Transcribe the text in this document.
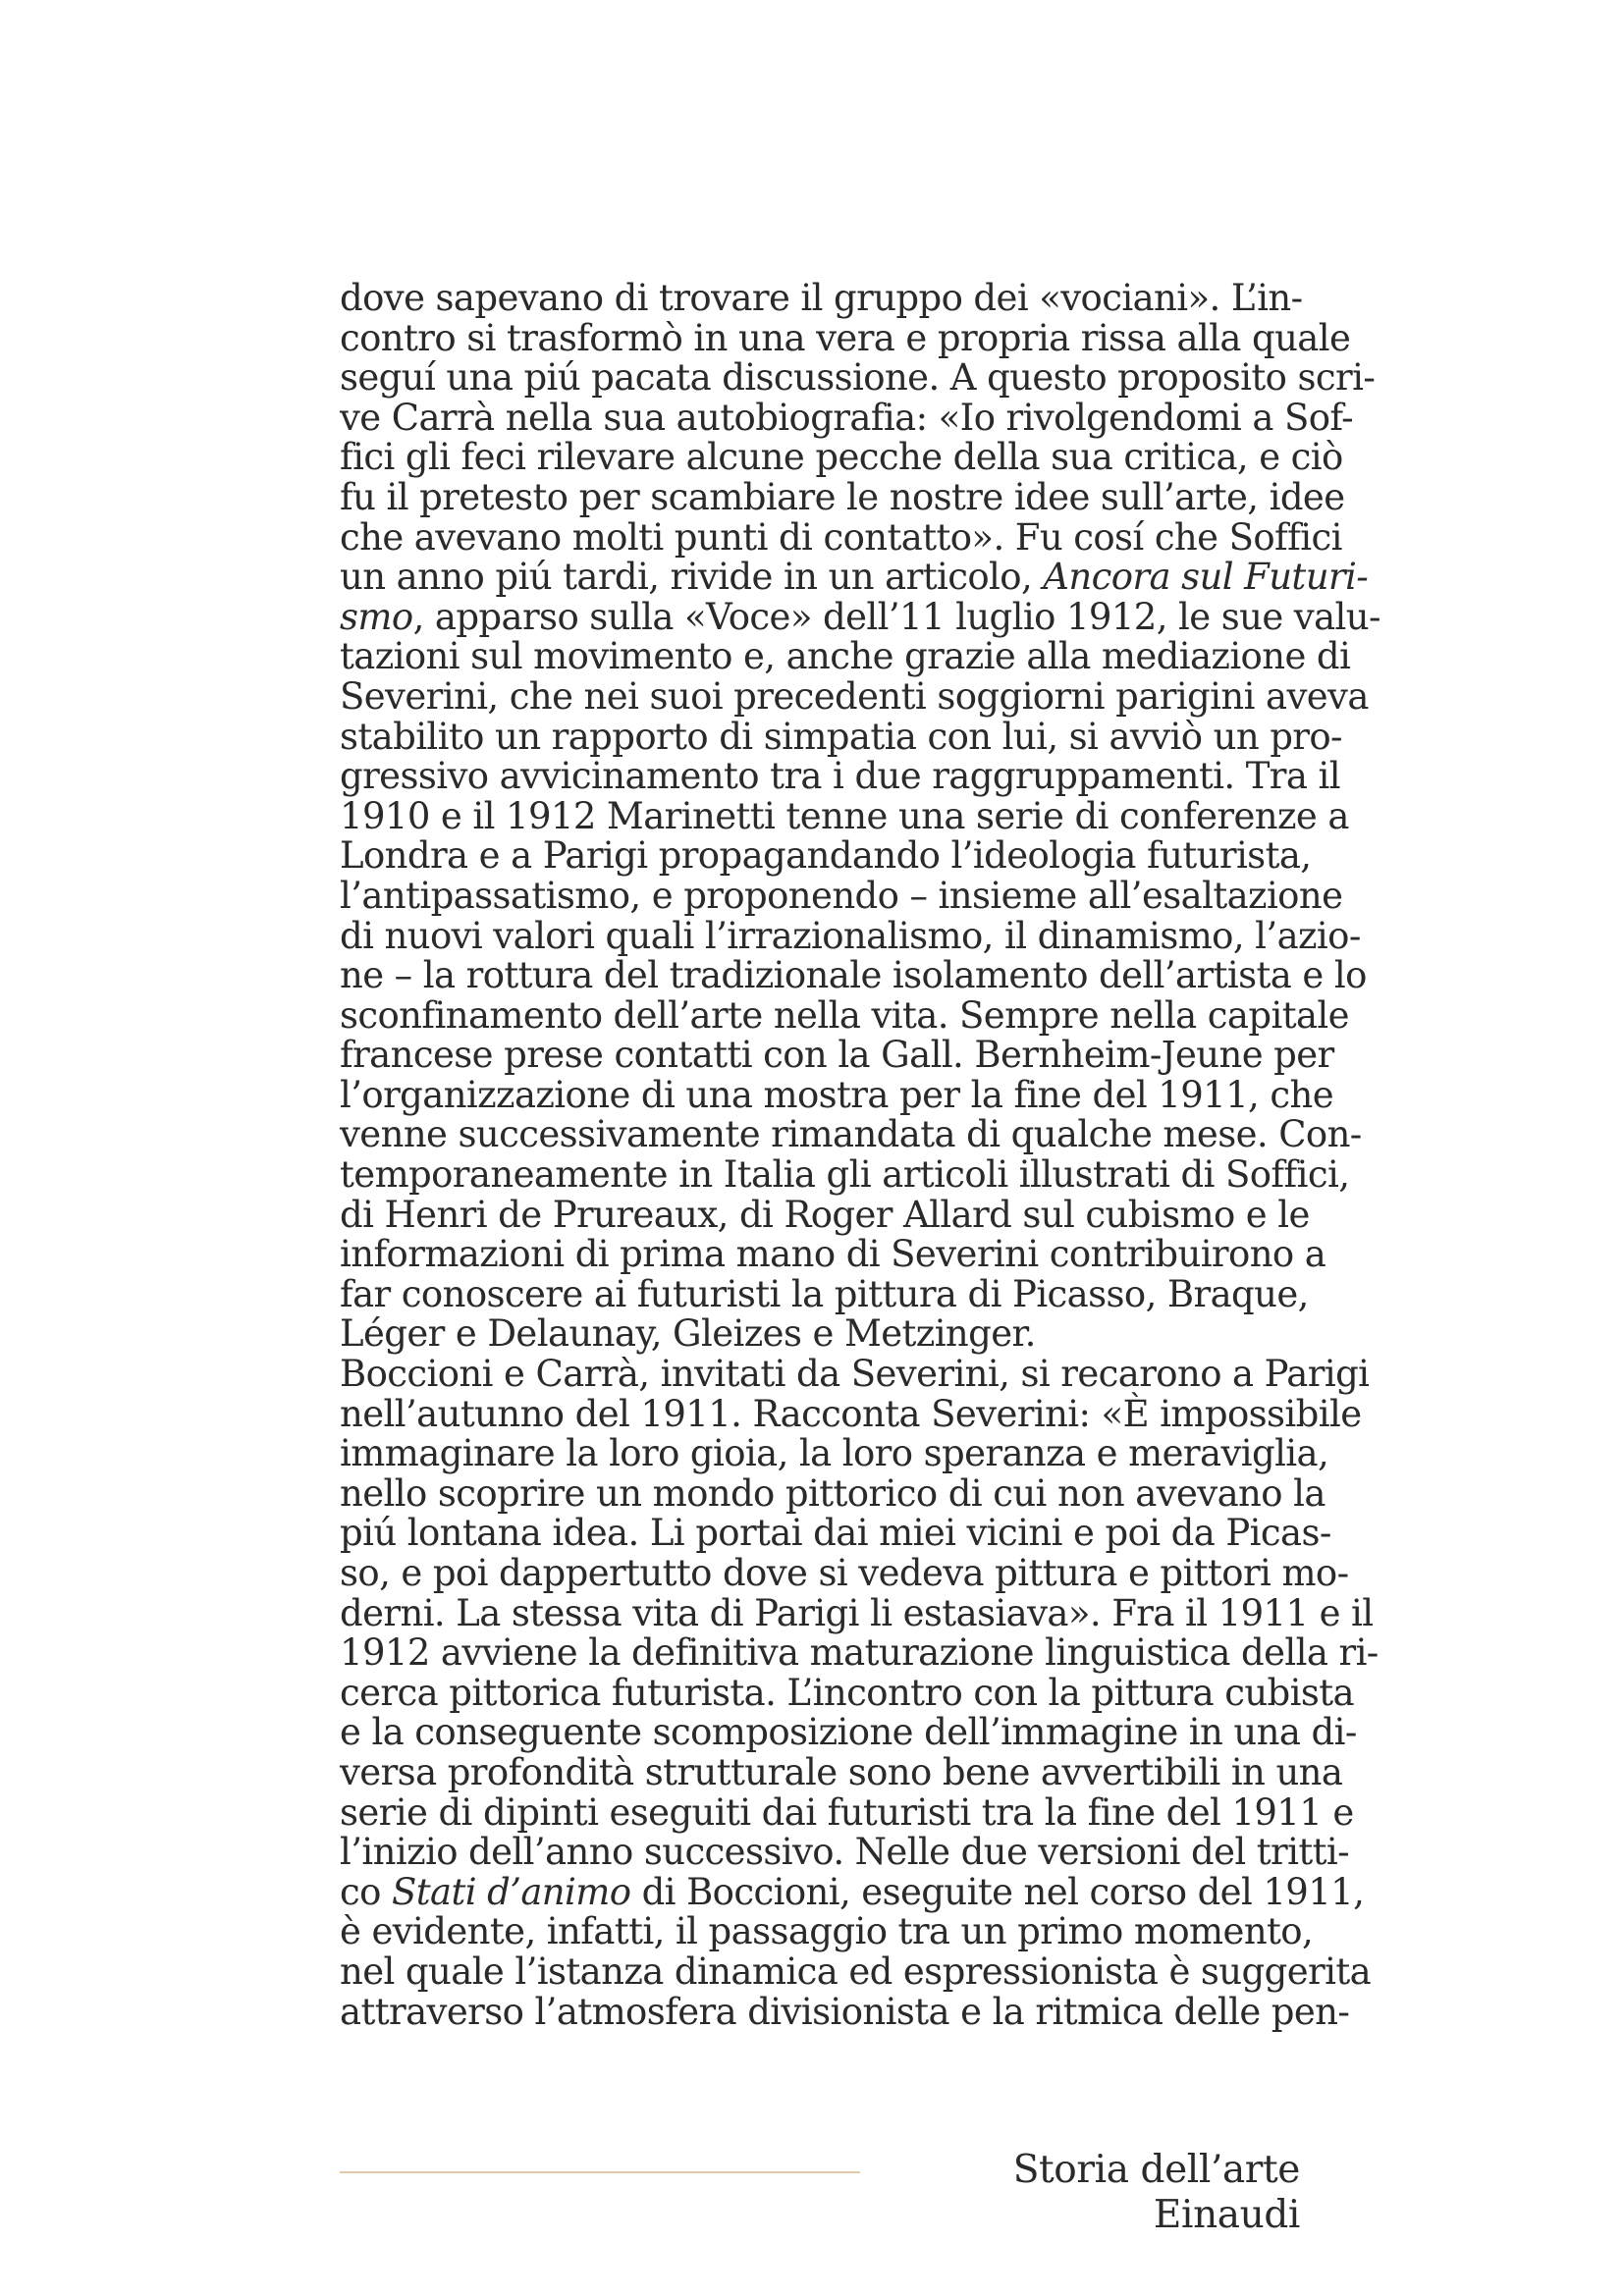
dove sapevano di trovare il gruppo dei «vociani». L’in-
contro si trasformò in una vera e propria rissa alla quale
seguí una piú pacata discussione. A questo proposito scri-
ve Carrà nella sua autobiografia: «Io rivolgendomi a Sof-
fici gli feci rilevare alcune pecche della sua critica, e ciò
fu il pretesto per scambiare le nostre idee sull’arte, idee
che avevano molti punti di contatto». Fu cosí che Soffici
un anno piú tardi, rivide in un articolo, Ancora sul Futuri-
smo, apparso sulla «Voce» dell’11 luglio 1912, le sue valu-
tazioni sul movimento e, anche grazie alla mediazione di
Severini, che nei suoi precedenti soggiorni parigini aveva
stabilito un rapporto di simpatia con lui, si avviò un pro-
gressivo avvicinamento tra i due raggruppamenti. Tra il
1910 e il 1912 Marinetti tenne una serie di conferenze a
Londra e a Parigi propagandando l’ideologia futurista,
l’antipassatismo, e proponendo – insieme all’esaltazione
di nuovi valori quali l’irrazionalismo, il dinamismo, l’azio-
ne – la rottura del tradizionale isolamento dell’artista e lo
sconfinamento dell’arte nella vita. Sempre nella capitale
francese prese contatti con la Gall. Bernheim-Jeune per
l’organizzazione di una mostra per la fine del 1911, che
venne successivamente rimandata di qualche mese. Con-
temporaneamente in Italia gli articoli illustrati di Soffici,
di Henri de Prureaux, di Roger Allard sul cubismo e le
informazioni di prima mano di Severini contribuirono a
far conoscere ai futuristi la pittura di Picasso, Braque,
Léger e Delaunay, Gleizes e Metzinger.
Boccioni e Carrà, invitati da Severini, si recarono a Parigi
nell’autunno del 1911. Racconta Severini: «È impossibile
immaginare la loro gioia, la loro speranza e meraviglia,
nello scoprire un mondo pittorico di cui non avevano la
piú lontana idea. Li portai dai miei vicini e poi da Picas-
so, e poi dappertutto dove si vedeva pittura e pittori mo-
derni. La stessa vita di Parigi li estasiava». Fra il 1911 e il
1912 avviene la definitiva maturazione linguistica della ri-
cerca pittorica futurista. L’incontro con la pittura cubista
e la conseguente scomposizione dell’immagine in una di-
versa profondità strutturale sono bene avvertibili in una
serie di dipinti eseguiti dai futuristi tra la fine del 1911 e
l’inizio dell’anno successivo. Nelle due versioni del tritti-
co Stati d’animo di Boccioni, eseguite nel corso del 1911,
è evidente, infatti, il passaggio tra un primo momento,
nel quale l’istanza dinamica ed espressionista è suggerita
attraverso l’atmosfera divisionista e la ritmica delle pen-
Storia dell’arte Einaudi
